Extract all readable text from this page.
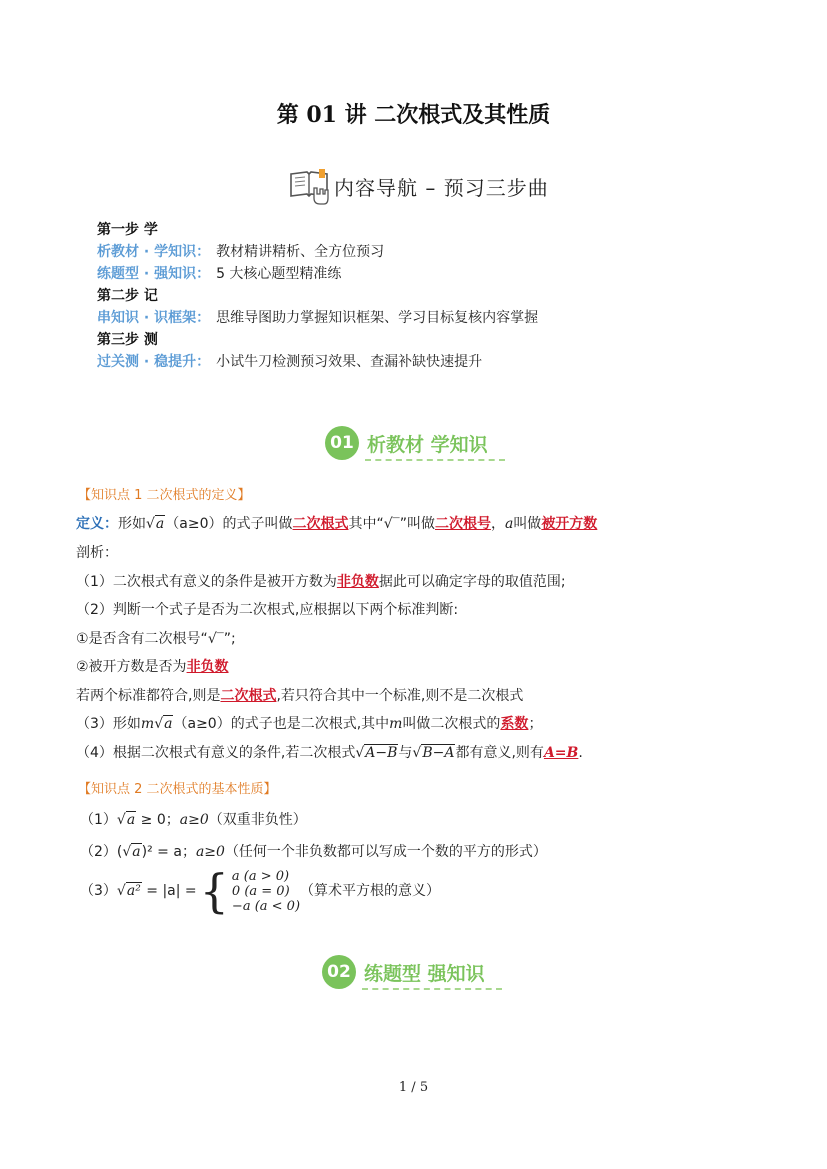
第 01 讲 二次根式及其性质
内容导航 – 预习三步曲
第一步 学
析教材 · 学知识： 教材精讲精析、全方位预习
练题型 · 强知识： 5 大核心题型精准练
第二步 记
串知识 · 识框架： 思维导图助力掌握知识框架、学习目标复核内容掌握
第三步 测
过关测 · 稳提升： 小试牛刀检测预习效果、查漏补缺快速提升
01 析教材 学知识
【知识点 1 二次根式的定义】
定义：形如√a（a≥0）的式子叫做二次根式其中“√‾”叫做二次根号，a叫做被开方数
剖析：
（1）二次根式有意义的条件是被开方数为非负数据此可以确定字母的取值范围;
（2）判断一个式子是否为二次根式,应根据以下两个标准判断:
①是否含有二次根号“√‾”;
②被开方数是否为非负数
若两个标准都符合,则是二次根式,若只符合其中一个标准,则不是二次根式
（3）形如m√a（a≥0）的式子也是二次根式,其中m叫做二次根式的系数；
（4）根据二次根式有意义的条件,若二次根式√A−B与√B−A都有意义,则有A=B.
【知识点 2 二次根式的基本性质】
（1）√a ≥ 0；a≥0（双重非负性）
（2）(√a)² = a；a≥0（任何一个非负数都可以写成一个数的平方的形式）
（3）√a² = |a| = { a (a > 0)
0 (a = 0)
−a (a < 0)
（算术平方根的意义）
02 练题型 强知识
1 / 5
